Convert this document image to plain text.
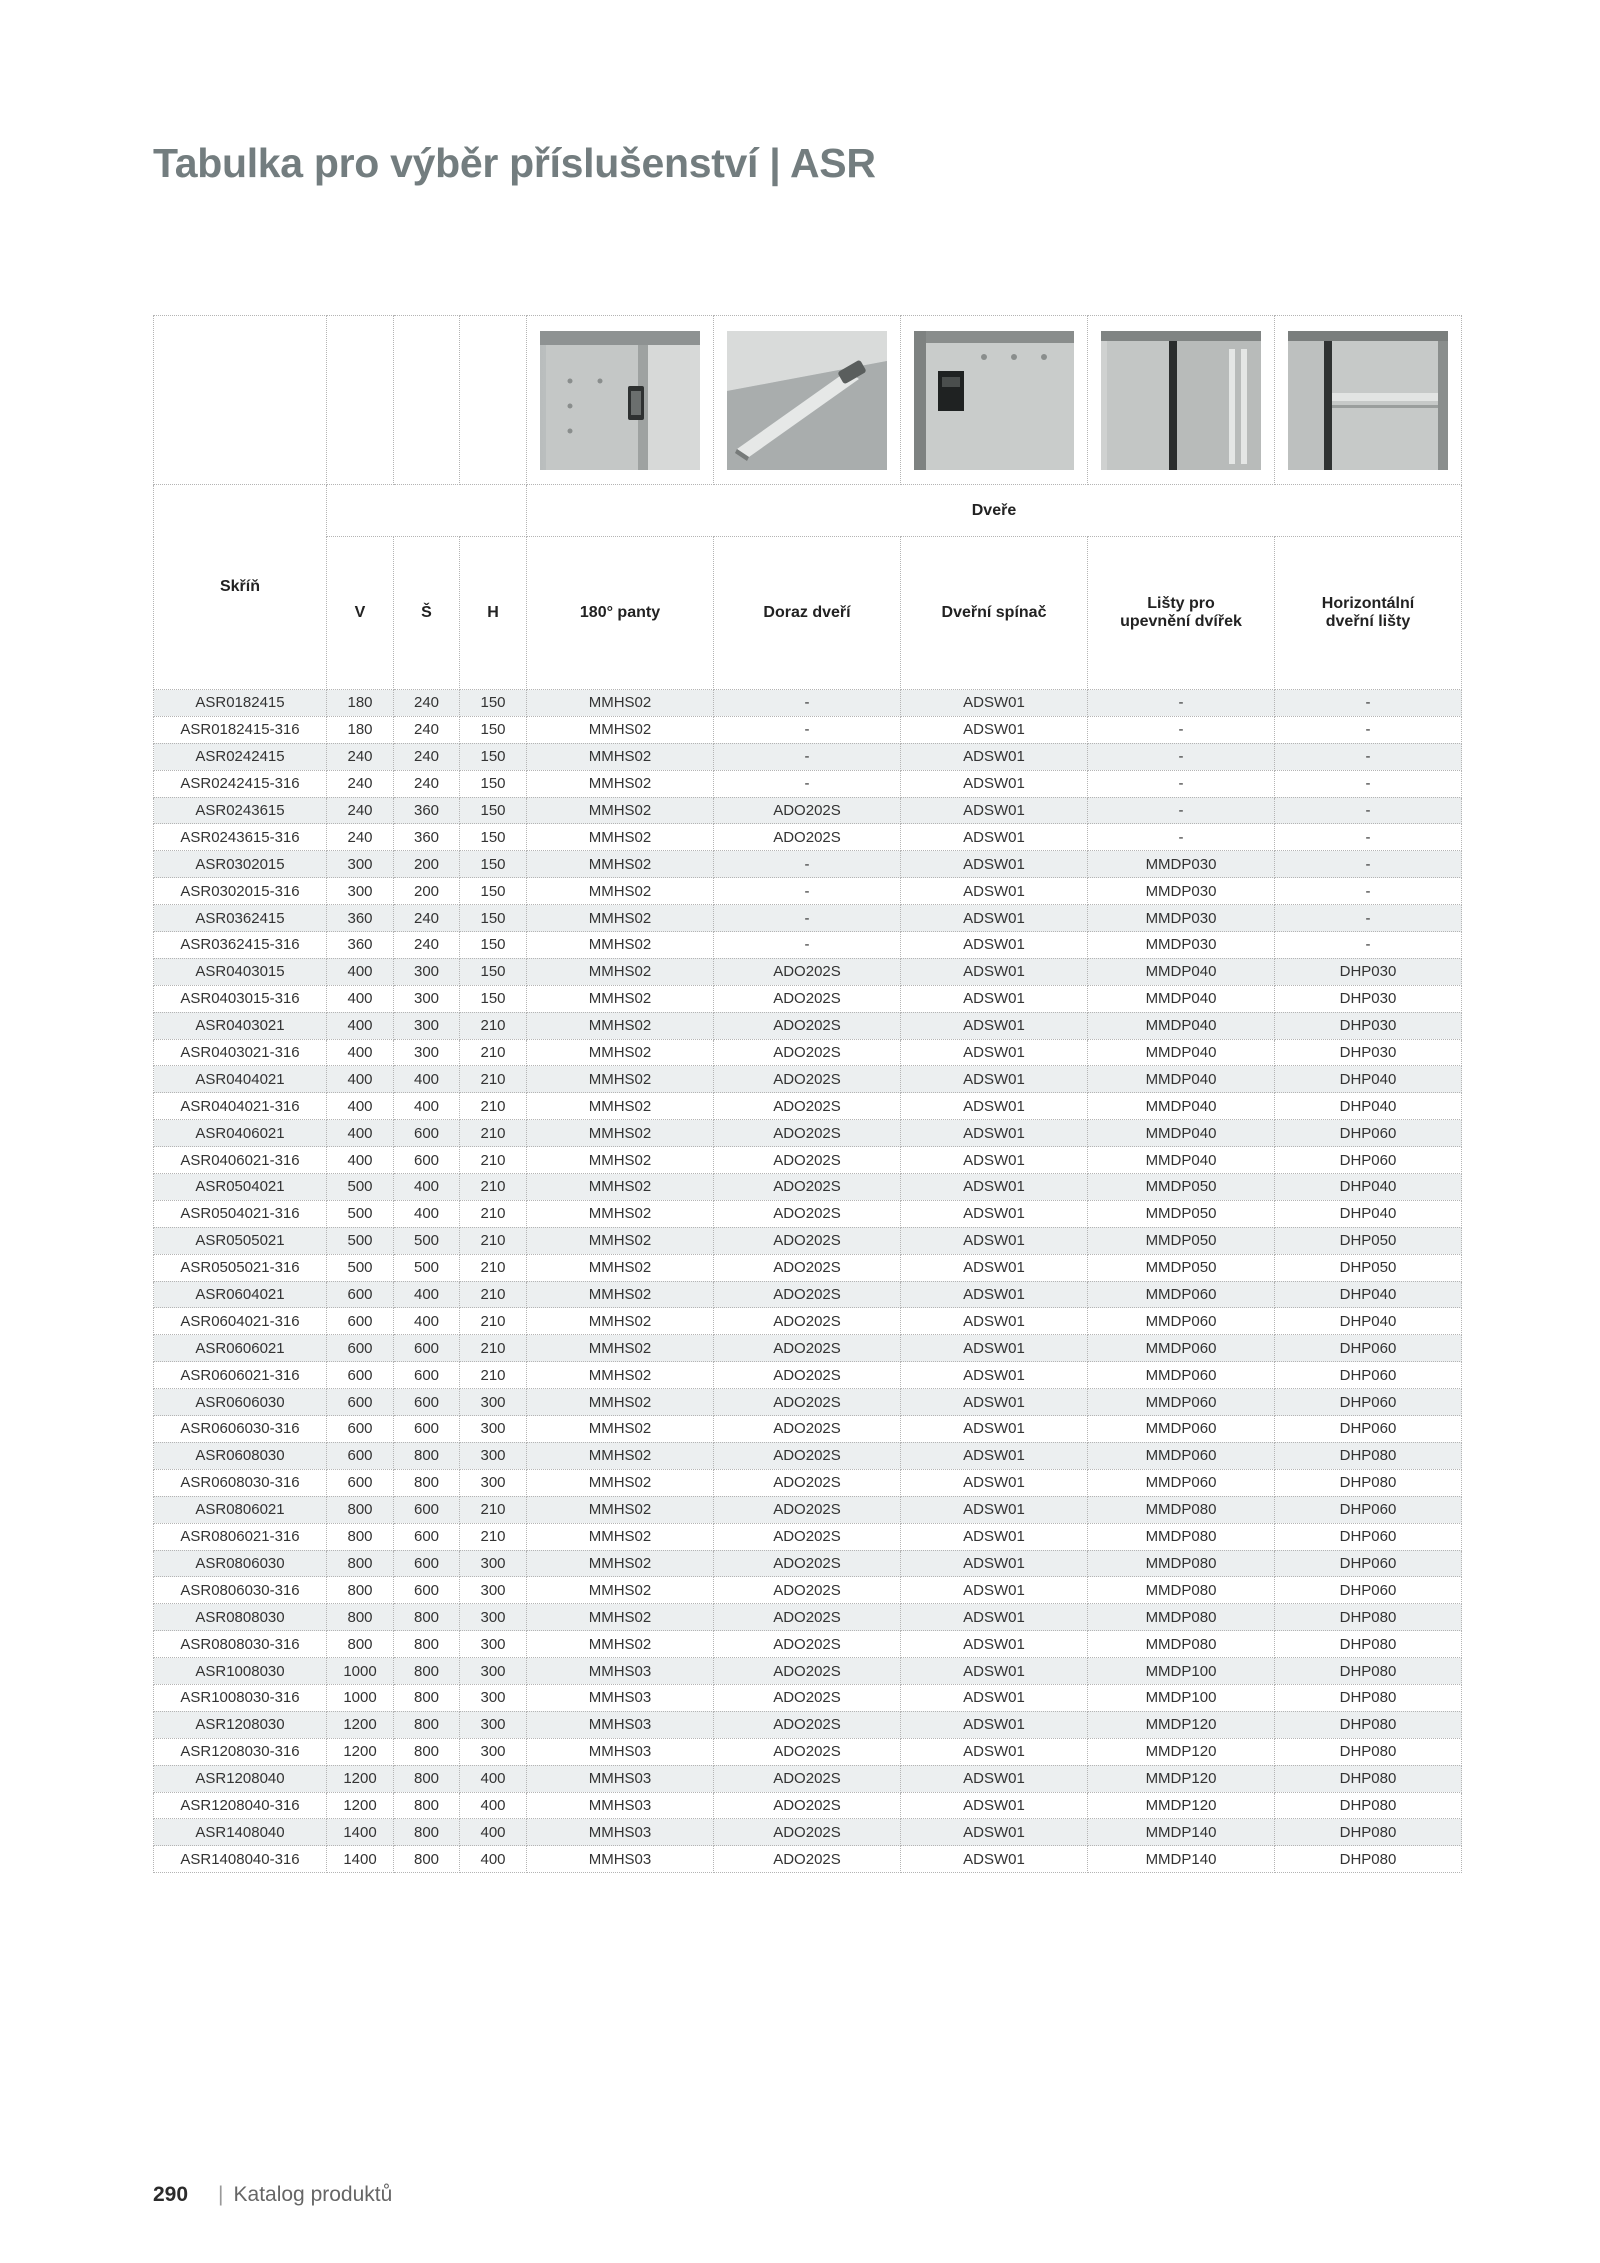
Tabulka pro výběr příslušenství | ASR

Skříň				Dveře				
	V	Š	H	180° panty	Doraz dveří	Dveřní spínač	Lišty pro
upevnění dvířek	Horizontální
dveřní lišty
ASR0182415	180	240	150	MMHS02	-	ADSW01	-	-
ASR0182415-316	180	240	150	MMHS02	-	ADSW01	-	-
ASR0242415	240	240	150	MMHS02	-	ADSW01	-	-
ASR0242415-316	240	240	150	MMHS02	-	ADSW01	-	-
ASR0243615	240	360	150	MMHS02	ADO202S	ADSW01	-	-
ASR0243615-316	240	360	150	MMHS02	ADO202S	ADSW01	-	-
ASR0302015	300	200	150	MMHS02	-	ADSW01	MMDP030	-
ASR0302015-316	300	200	150	MMHS02	-	ADSW01	MMDP030	-
ASR0362415	360	240	150	MMHS02	-	ADSW01	MMDP030	-
ASR0362415-316	360	240	150	MMHS02	-	ADSW01	MMDP030	-
ASR0403015	400	300	150	MMHS02	ADO202S	ADSW01	MMDP040	DHP030
ASR0403015-316	400	300	150	MMHS02	ADO202S	ADSW01	MMDP040	DHP030
ASR0403021	400	300	210	MMHS02	ADO202S	ADSW01	MMDP040	DHP030
ASR0403021-316	400	300	210	MMHS02	ADO202S	ADSW01	MMDP040	DHP030
ASR0404021	400	400	210	MMHS02	ADO202S	ADSW01	MMDP040	DHP040
ASR0404021-316	400	400	210	MMHS02	ADO202S	ADSW01	MMDP040	DHP040
ASR0406021	400	600	210	MMHS02	ADO202S	ADSW01	MMDP040	DHP060
ASR0406021-316	400	600	210	MMHS02	ADO202S	ADSW01	MMDP040	DHP060
ASR0504021	500	400	210	MMHS02	ADO202S	ADSW01	MMDP050	DHP040
ASR0504021-316	500	400	210	MMHS02	ADO202S	ADSW01	MMDP050	DHP040
ASR0505021	500	500	210	MMHS02	ADO202S	ADSW01	MMDP050	DHP050
ASR0505021-316	500	500	210	MMHS02	ADO202S	ADSW01	MMDP050	DHP050
ASR0604021	600	400	210	MMHS02	ADO202S	ADSW01	MMDP060	DHP040
ASR0604021-316	600	400	210	MMHS02	ADO202S	ADSW01	MMDP060	DHP040
ASR0606021	600	600	210	MMHS02	ADO202S	ADSW01	MMDP060	DHP060
ASR0606021-316	600	600	210	MMHS02	ADO202S	ADSW01	MMDP060	DHP060
ASR0606030	600	600	300	MMHS02	ADO202S	ADSW01	MMDP060	DHP060
ASR0606030-316	600	600	300	MMHS02	ADO202S	ADSW01	MMDP060	DHP060
ASR0608030	600	800	300	MMHS02	ADO202S	ADSW01	MMDP060	DHP080
ASR0608030-316	600	800	300	MMHS02	ADO202S	ADSW01	MMDP060	DHP080
ASR0806021	800	600	210	MMHS02	ADO202S	ADSW01	MMDP080	DHP060
ASR0806021-316	800	600	210	MMHS02	ADO202S	ADSW01	MMDP080	DHP060
ASR0806030	800	600	300	MMHS02	ADO202S	ADSW01	MMDP080	DHP060
ASR0806030-316	800	600	300	MMHS02	ADO202S	ADSW01	MMDP080	DHP060
ASR0808030	800	800	300	MMHS02	ADO202S	ADSW01	MMDP080	DHP080
ASR0808030-316	800	800	300	MMHS02	ADO202S	ADSW01	MMDP080	DHP080
ASR1008030	1000	800	300	MMHS03	ADO202S	ADSW01	MMDP100	DHP080
ASR1008030-316	1000	800	300	MMHS03	ADO202S	ADSW01	MMDP100	DHP080
ASR1208030	1200	800	300	MMHS03	ADO202S	ADSW01	MMDP120	DHP080
ASR1208030-316	1200	800	300	MMHS03	ADO202S	ADSW01	MMDP120	DHP080
ASR1208040	1200	800	400	MMHS03	ADO202S	ADSW01	MMDP120	DHP080
ASR1208040-316	1200	800	400	MMHS03	ADO202S	ADSW01	MMDP120	DHP080
ASR1408040	1400	800	400	MMHS03	ADO202S	ADSW01	MMDP140	DHP080
ASR1408040-316	1400	800	400	MMHS03	ADO202S	ADSW01	MMDP140	DHP080
290 | Katalog produktů
